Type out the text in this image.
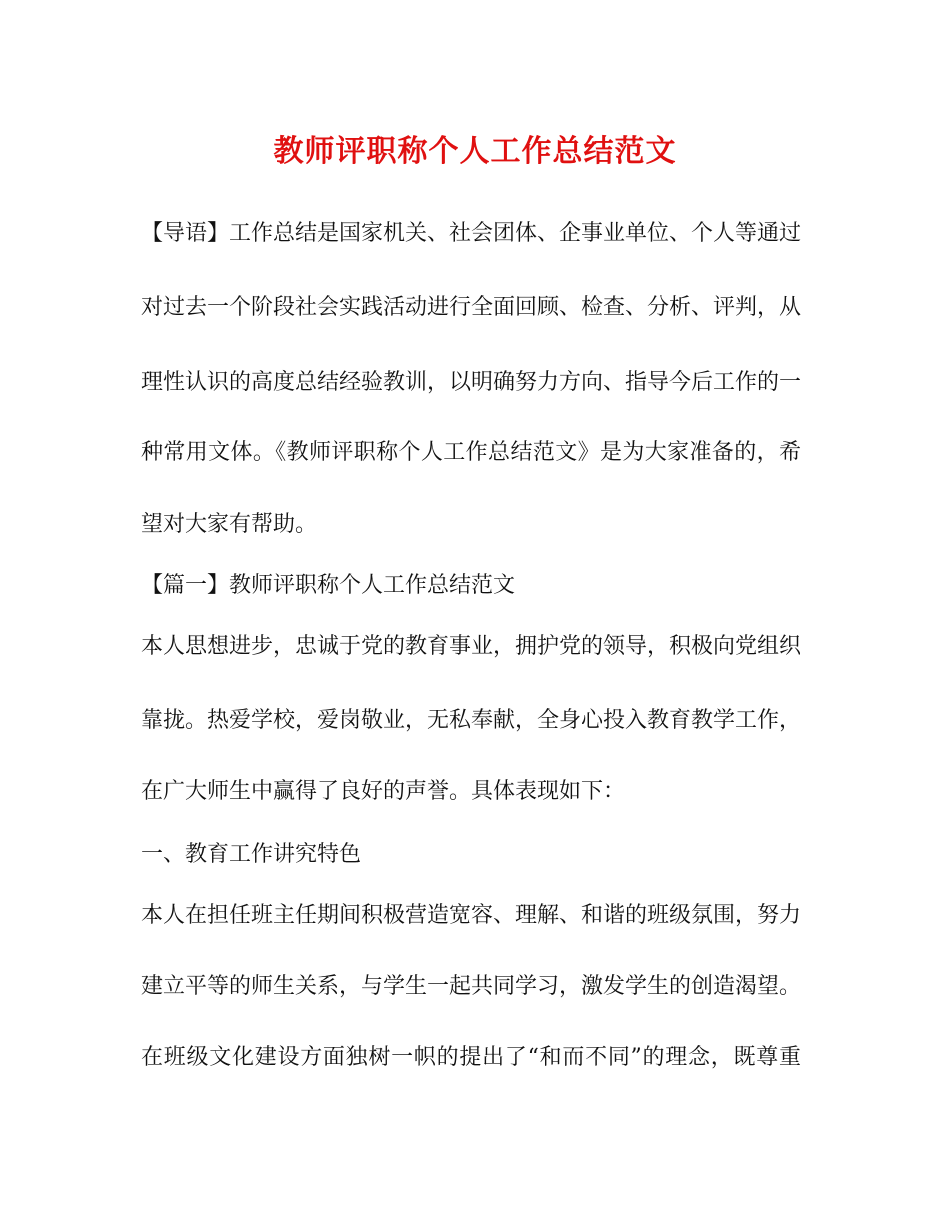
教师评职称个人工作总结范文
【导语】工作总结是国家机关、社会团体、企事业单位、个人等通过
对过去一个阶段社会实践活动进行全面回顾、检查、分析、评判，从
理性认识的高度总结经验教训，以明确努力方向、指导今后工作的一
种常用文体。《教师评职称个人工作总结范文》是为大家准备的，希
望对大家有帮助。
【篇一】教师评职称个人工作总结范文
本人思想进步，忠诚于党的教育事业，拥护党的领导，积极向党组织
靠拢。热爱学校，爱岗敬业，无私奉献，全身心投入教育教学工作，
在广大师生中赢得了良好的声誉。具体表现如下：
一、教育工作讲究特色
本人在担任班主任期间积极营造宽容、理解、和谐的班级氛围，努力
建立平等的师生关系，与学生一起共同学习，激发学生的创造渴望。
在班级文化建设方面独树一帜的提出了“和而不同”的理念，既尊重
